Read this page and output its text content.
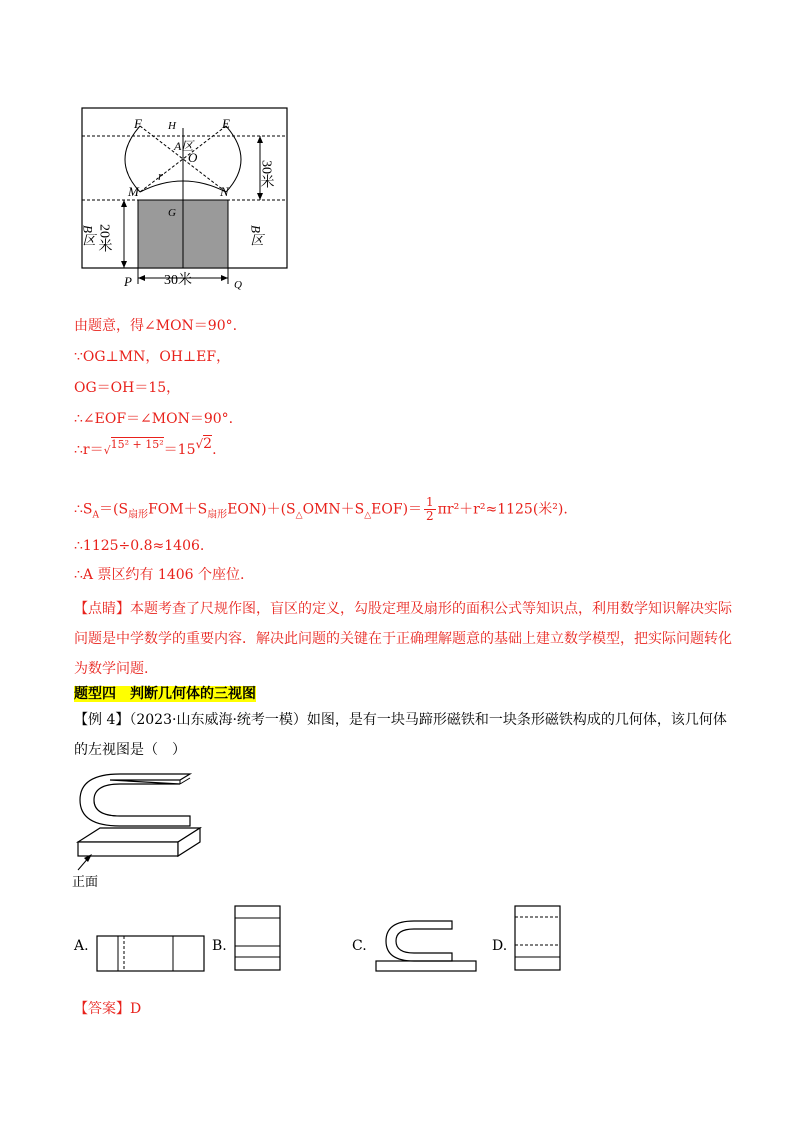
F H	E
A区
O
r
M	N
G
B区	B区
P	Q
30米
20米
30米
由题意，得∠MON＝90°.
∵OG⊥MN，OH⊥EF，
OG＝OH＝15，
∴∠EOF＝∠MON＝90°.
∴r＝√$^{15^2 + 15^2}$＝15√2.
$\therefore S_A=(S_{扇形}FOM+S_{扇形}EON)+(S_\triangle OMN+S_\triangle EOF)= \frac{1}{2} \pi r^2+r^2\approx 1125$(米²).
∴1125÷0.8≈1406.
∴A 票区约有 1406 个座位.
【点睛】本题考查了尺规作图，盲区的定义，勾股定理及扇形的面积公式等知识点，利用数学知识解决实际问题是中学数学的重要内容．解决此问题的关键在于正确理解题意的基础上建立数学模型，把实际问题转化为数学问题.
题型四　判断几何体的三视图
【例 4】（2023·山东威海·统考一模）如图，是有一块马蹄形磁铁和一块条形磁铁构成的几何体，该几何体的左视图是（　）
正面
A.	B.	C.	D.
【答案】D
